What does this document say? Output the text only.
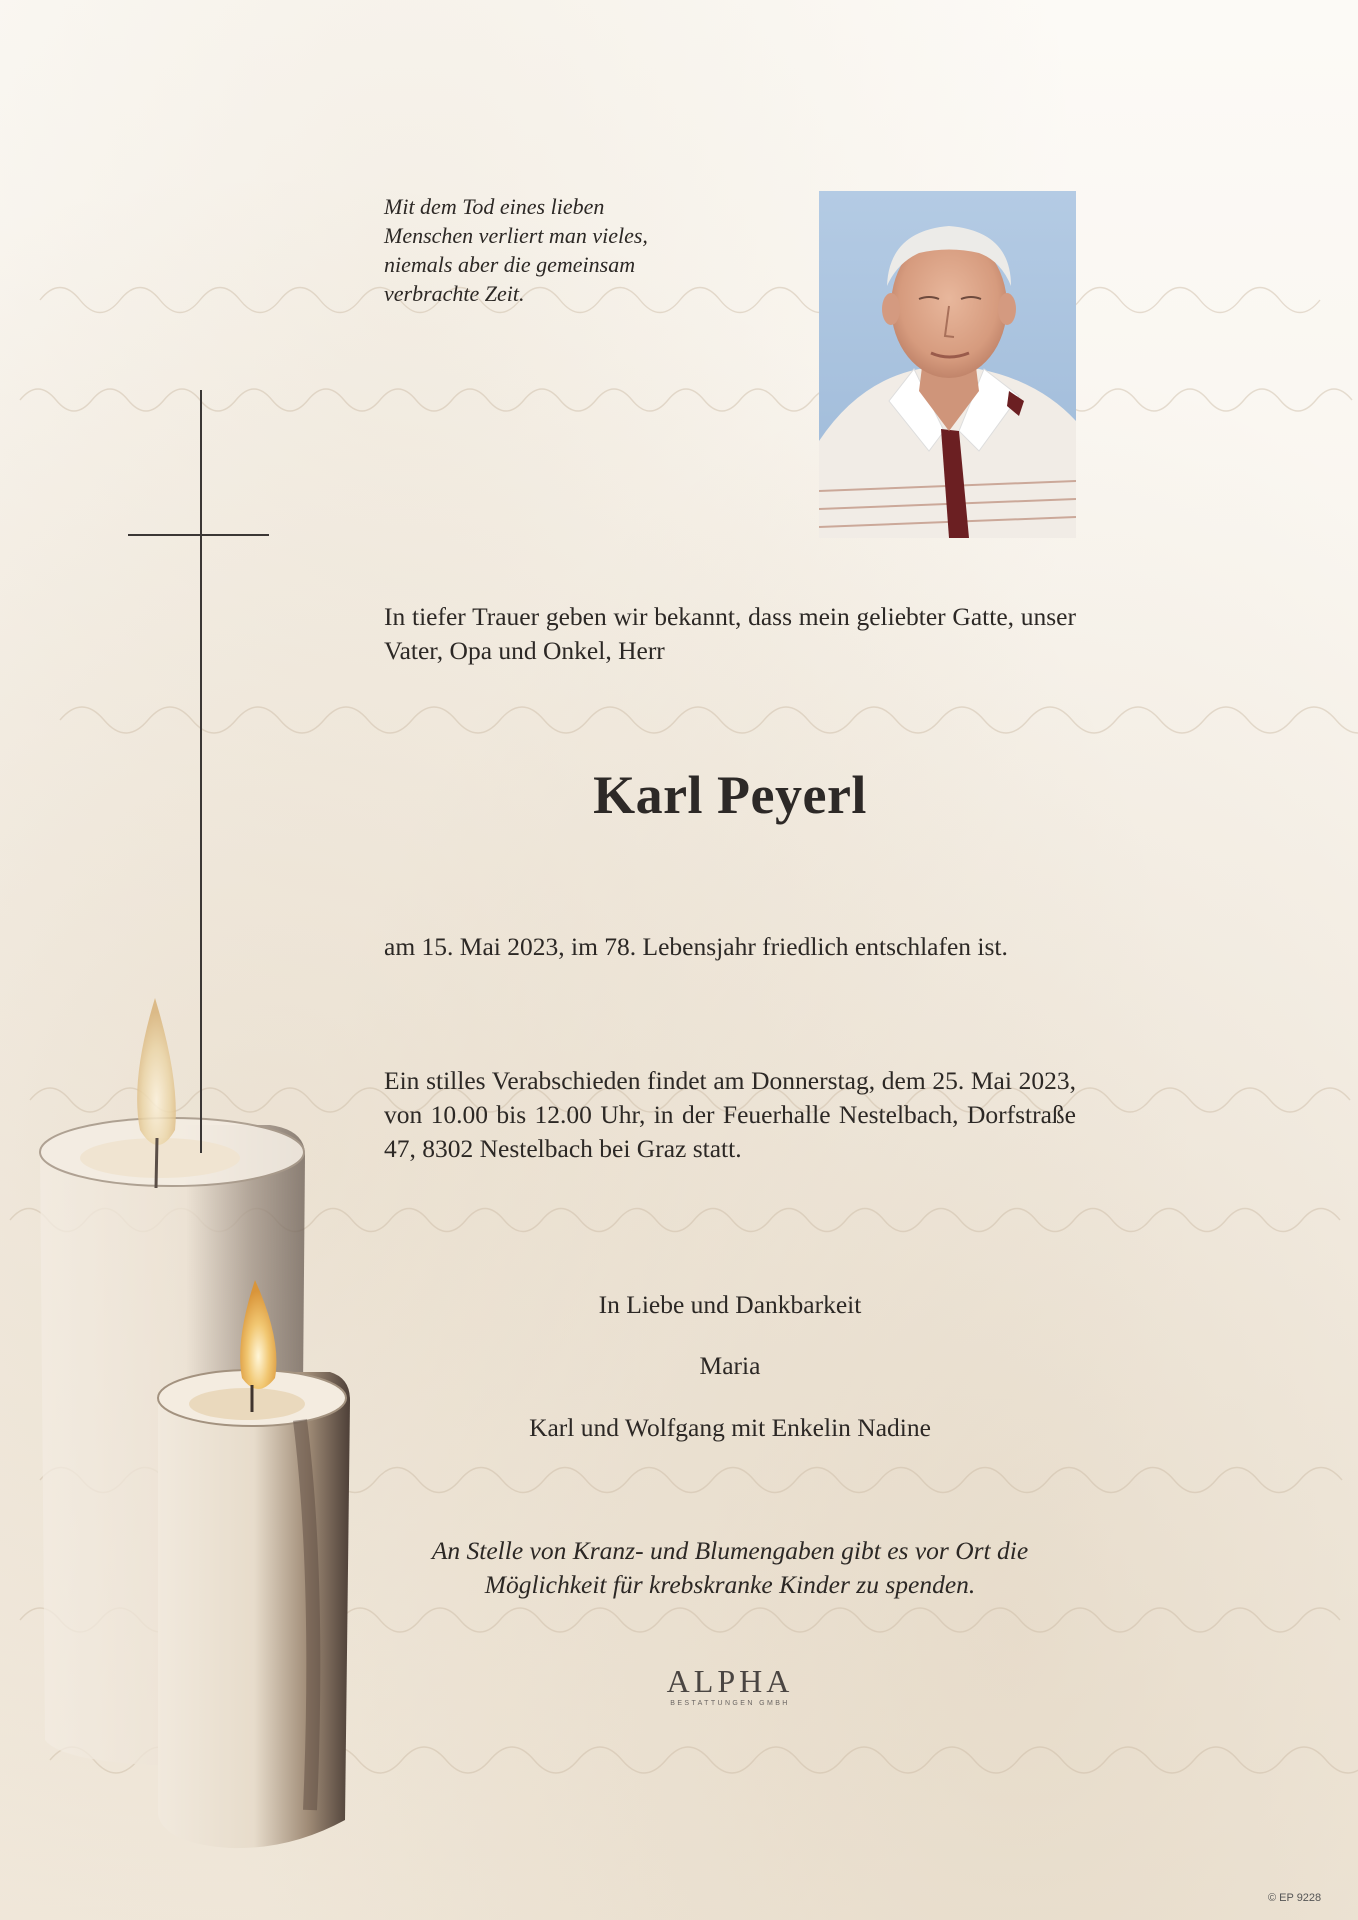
Mit dem Tod eines lieben
Menschen verliert man vieles,
niemals aber die gemeinsam
verbrachte Zeit.
In tiefer Trauer geben wir bekannt, dass mein geliebter Gatte, unser Vater, Opa und Onkel, Herr
Karl Peyerl
am 15. Mai 2023, im 78. Lebensjahr friedlich entschlafen ist.
Ein stilles Verabschieden findet am Donnerstag, dem 25. Mai 2023, von 10.00 bis 12.00 Uhr, in der Feuerhalle Nestelbach, Dorfstraße 47, 8302 Nestelbach bei Graz statt.
In Liebe und Dankbarkeit
Maria
Karl und Wolfgang mit Enkelin Nadine
An Stelle von Kranz- und Blumengaben gibt es vor Ort die
Möglichkeit für krebskranke Kinder zu spenden.
ALPHA
BESTATTUNGEN GMBH
© EP 9228
